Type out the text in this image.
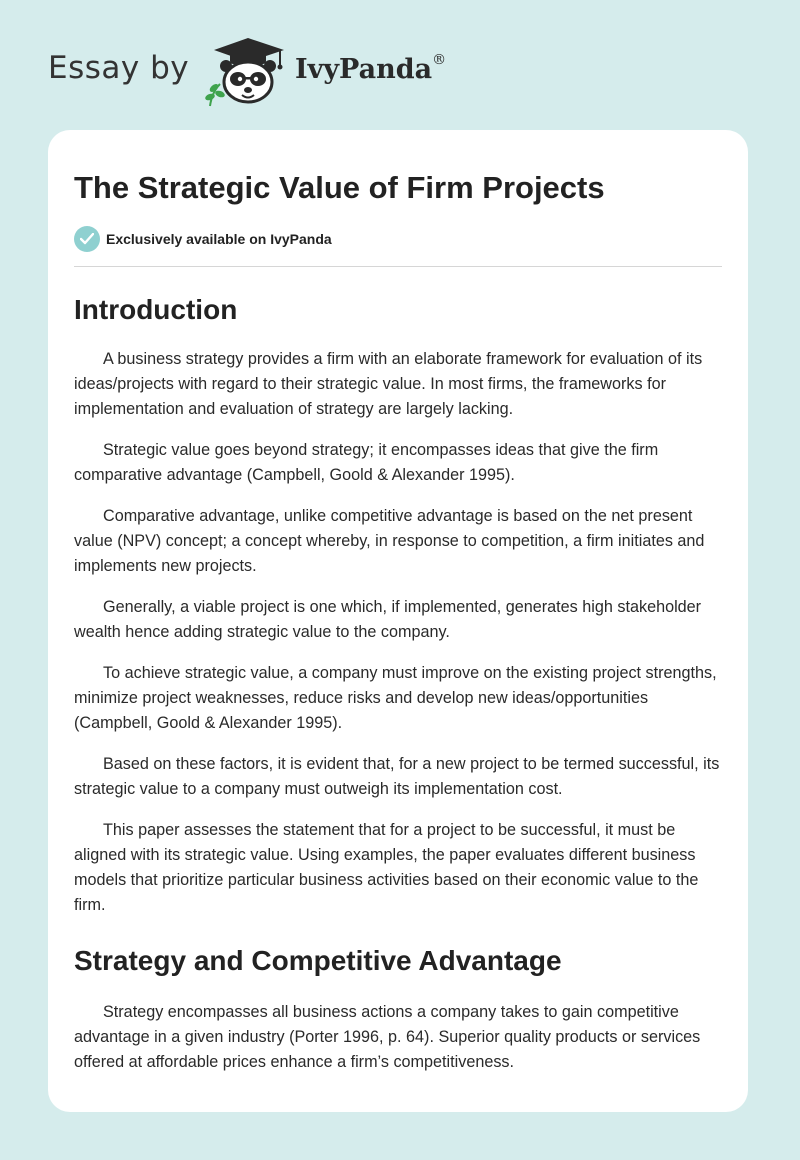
Essay by	IvyPanda®
The Strategic Value of Firm Projects
Exclusively available on IvyPanda
Introduction

A business strategy provides a firm with an elaborate framework for evaluation of its ideas/projects with regard to their strategic value. In most firms, the frameworks for implementation and evaluation of strategy are largely lacking.

Strategic value goes beyond strategy; it encompasses ideas that give the firm comparative advantage (Campbell, Goold & Alexander 1995).

Comparative advantage, unlike competitive advantage is based on the net present value (NPV) concept; a concept whereby, in response to competition, a firm initiates and implements new projects.

Generally, a viable project is one which, if implemented, generates high stakeholder wealth hence adding strategic value to the company.

To achieve strategic value, a company must improve on the existing project strengths, minimize project weaknesses, reduce risks and develop new ideas/opportunities (Campbell, Goold & Alexander 1995).

Based on these factors, it is evident that, for a new project to be termed successful, its strategic value to a company must outweigh its implementation cost.

This paper assesses the statement that for a project to be successful, it must be aligned with its strategic value. Using examples, the paper evaluates different business models that prioritize particular business activities based on their economic value to the firm.

Strategy and Competitive Advantage

Strategy encompasses all business actions a company takes to gain competitive advantage in a given industry (Porter 1996, p. 64). Superior quality products or services offered at affordable prices enhance a firm’s competitiveness.
